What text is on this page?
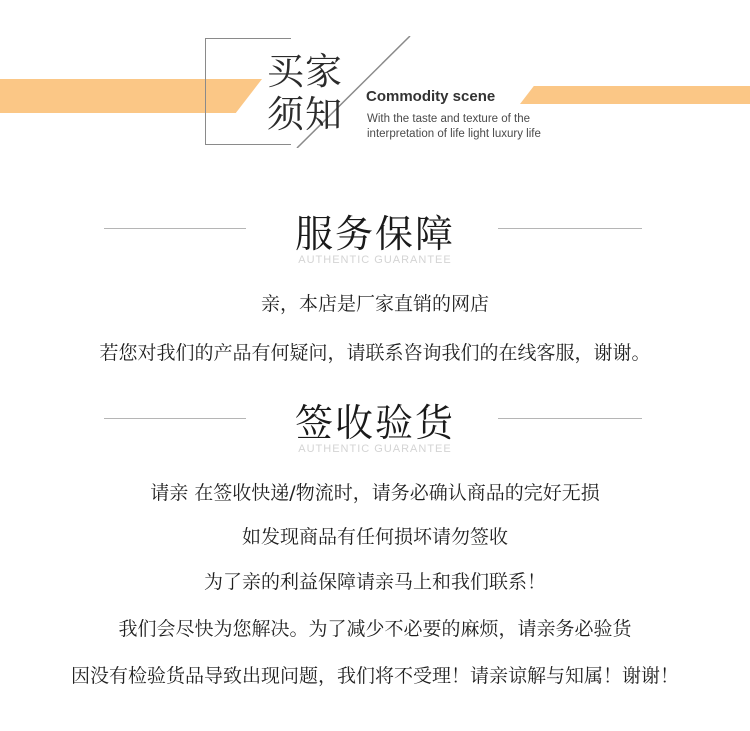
买家
须知 Commodity scene
With the taste and texture of the
interpretation of life light luxury life
服务保障
AUTHENTIC GUARANTEE
亲，本店是厂家直销的网店
若您对我们的产品有何疑问，请联系咨询我们的在线客服，谢谢。
签收验货
AUTHENTIC GUARANTEE
请亲 在签收快递/物流时，请务必确认商品的完好无损
如发现商品有任何损坏请勿签收
为了亲的利益保障请亲马上和我们联系！
我们会尽快为您解决。为了减少不必要的麻烦，请亲务必验货
因没有检验货品导致出现问题，我们将不受理！请亲谅解与知属！谢谢！
